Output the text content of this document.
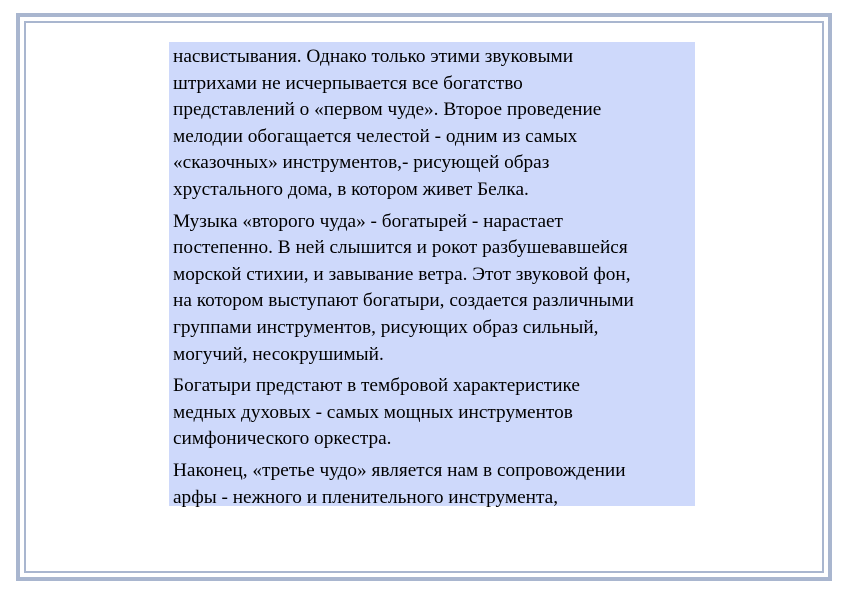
насвистывания. Однако только этими звуковыми
штрихами не исчерпывается все богатство
представлений о «первом чуде». Второе проведение
мелодии обогащается челестой - одним из самых
«сказочных» инструментов,- рисующей образ
хрустального дома, в котором живет Белка.

Музыка «второго чуда» - богатырей - нарастает
постепенно. В ней слышится и рокот разбушевавшейся
морской стихии, и завывание ветра. Этот звуковой фон,
на котором выступают богатыри, создается различными
группами инструментов, рисующих образ сильный,
могучий, несокрушимый.

Богатыри предстают в тембровой характеристике
медных духовых - самых мощных инструментов
симфонического оркестра.

Наконец, «третье чудо» является нам в сопровождении
арфы - нежного и пленительного инструмента,
